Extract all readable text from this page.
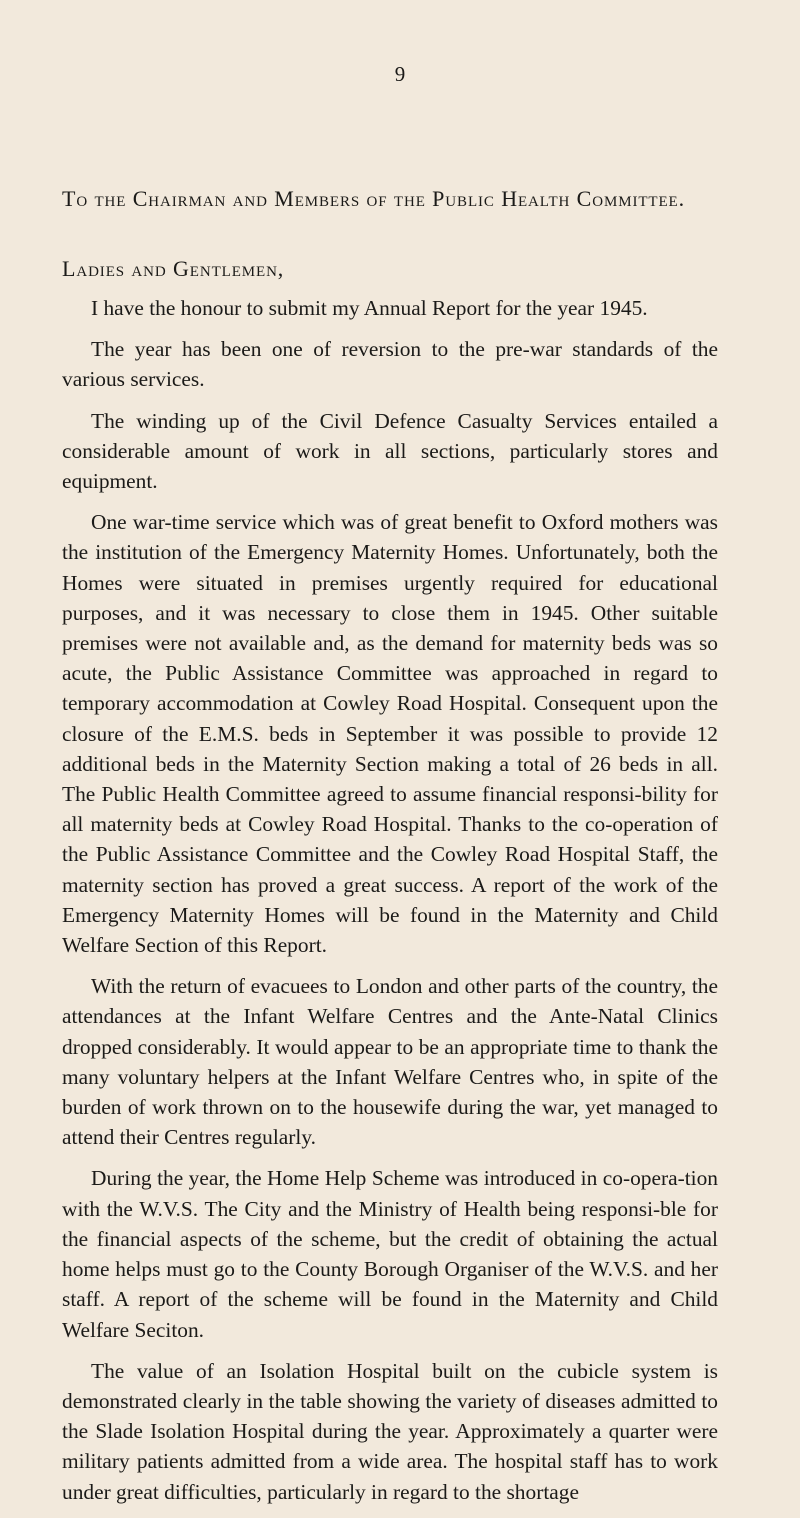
9
To the Chairman and Members of the Public Health Committee.
Ladies and Gentlemen,

I have the honour to submit my Annual Report for the year 1945.

The year has been one of reversion to the pre-war standards of the various services.

The winding up of the Civil Defence Casualty Services entailed a considerable amount of work in all sections, particularly stores and equipment.

One war-time service which was of great benefit to Oxford mothers was the institution of the Emergency Maternity Homes. Unfortunately, both the Homes were situated in premises urgently required for educational purposes, and it was necessary to close them in 1945. Other suitable premises were not available and, as the demand for maternity beds was so acute, the Public Assistance Committee was approached in regard to temporary accommodation at Cowley Road Hospital. Consequent upon the closure of the E.M.S. beds in September it was possible to provide 12 additional beds in the Maternity Section making a total of 26 beds in all. The Public Health Committee agreed to assume financial responsi-bility for all maternity beds at Cowley Road Hospital. Thanks to the co-operation of the Public Assistance Committee and the Cowley Road Hospital Staff, the maternity section has proved a great success. A report of the work of the Emergency Maternity Homes will be found in the Maternity and Child Welfare Section of this Report.

With the return of evacuees to London and other parts of the country, the attendances at the Infant Welfare Centres and the Ante-Natal Clinics dropped considerably. It would appear to be an appropriate time to thank the many voluntary helpers at the Infant Welfare Centres who, in spite of the burden of work thrown on to the housewife during the war, yet managed to attend their Centres regularly.

During the year, the Home Help Scheme was introduced in co-opera-tion with the W.V.S. The City and the Ministry of Health being responsi-ble for the financial aspects of the scheme, but the credit of obtaining the actual home helps must go to the County Borough Organiser of the W.V.S. and her staff. A report of the scheme will be found in the Maternity and Child Welfare Seciton.

The value of an Isolation Hospital built on the cubicle system is demonstrated clearly in the table showing the variety of diseases admitted to the Slade Isolation Hospital during the year. Approximately a quarter were military patients admitted from a wide area. The hospital staff has to work under great difficulties, particularly in regard to the shortage
